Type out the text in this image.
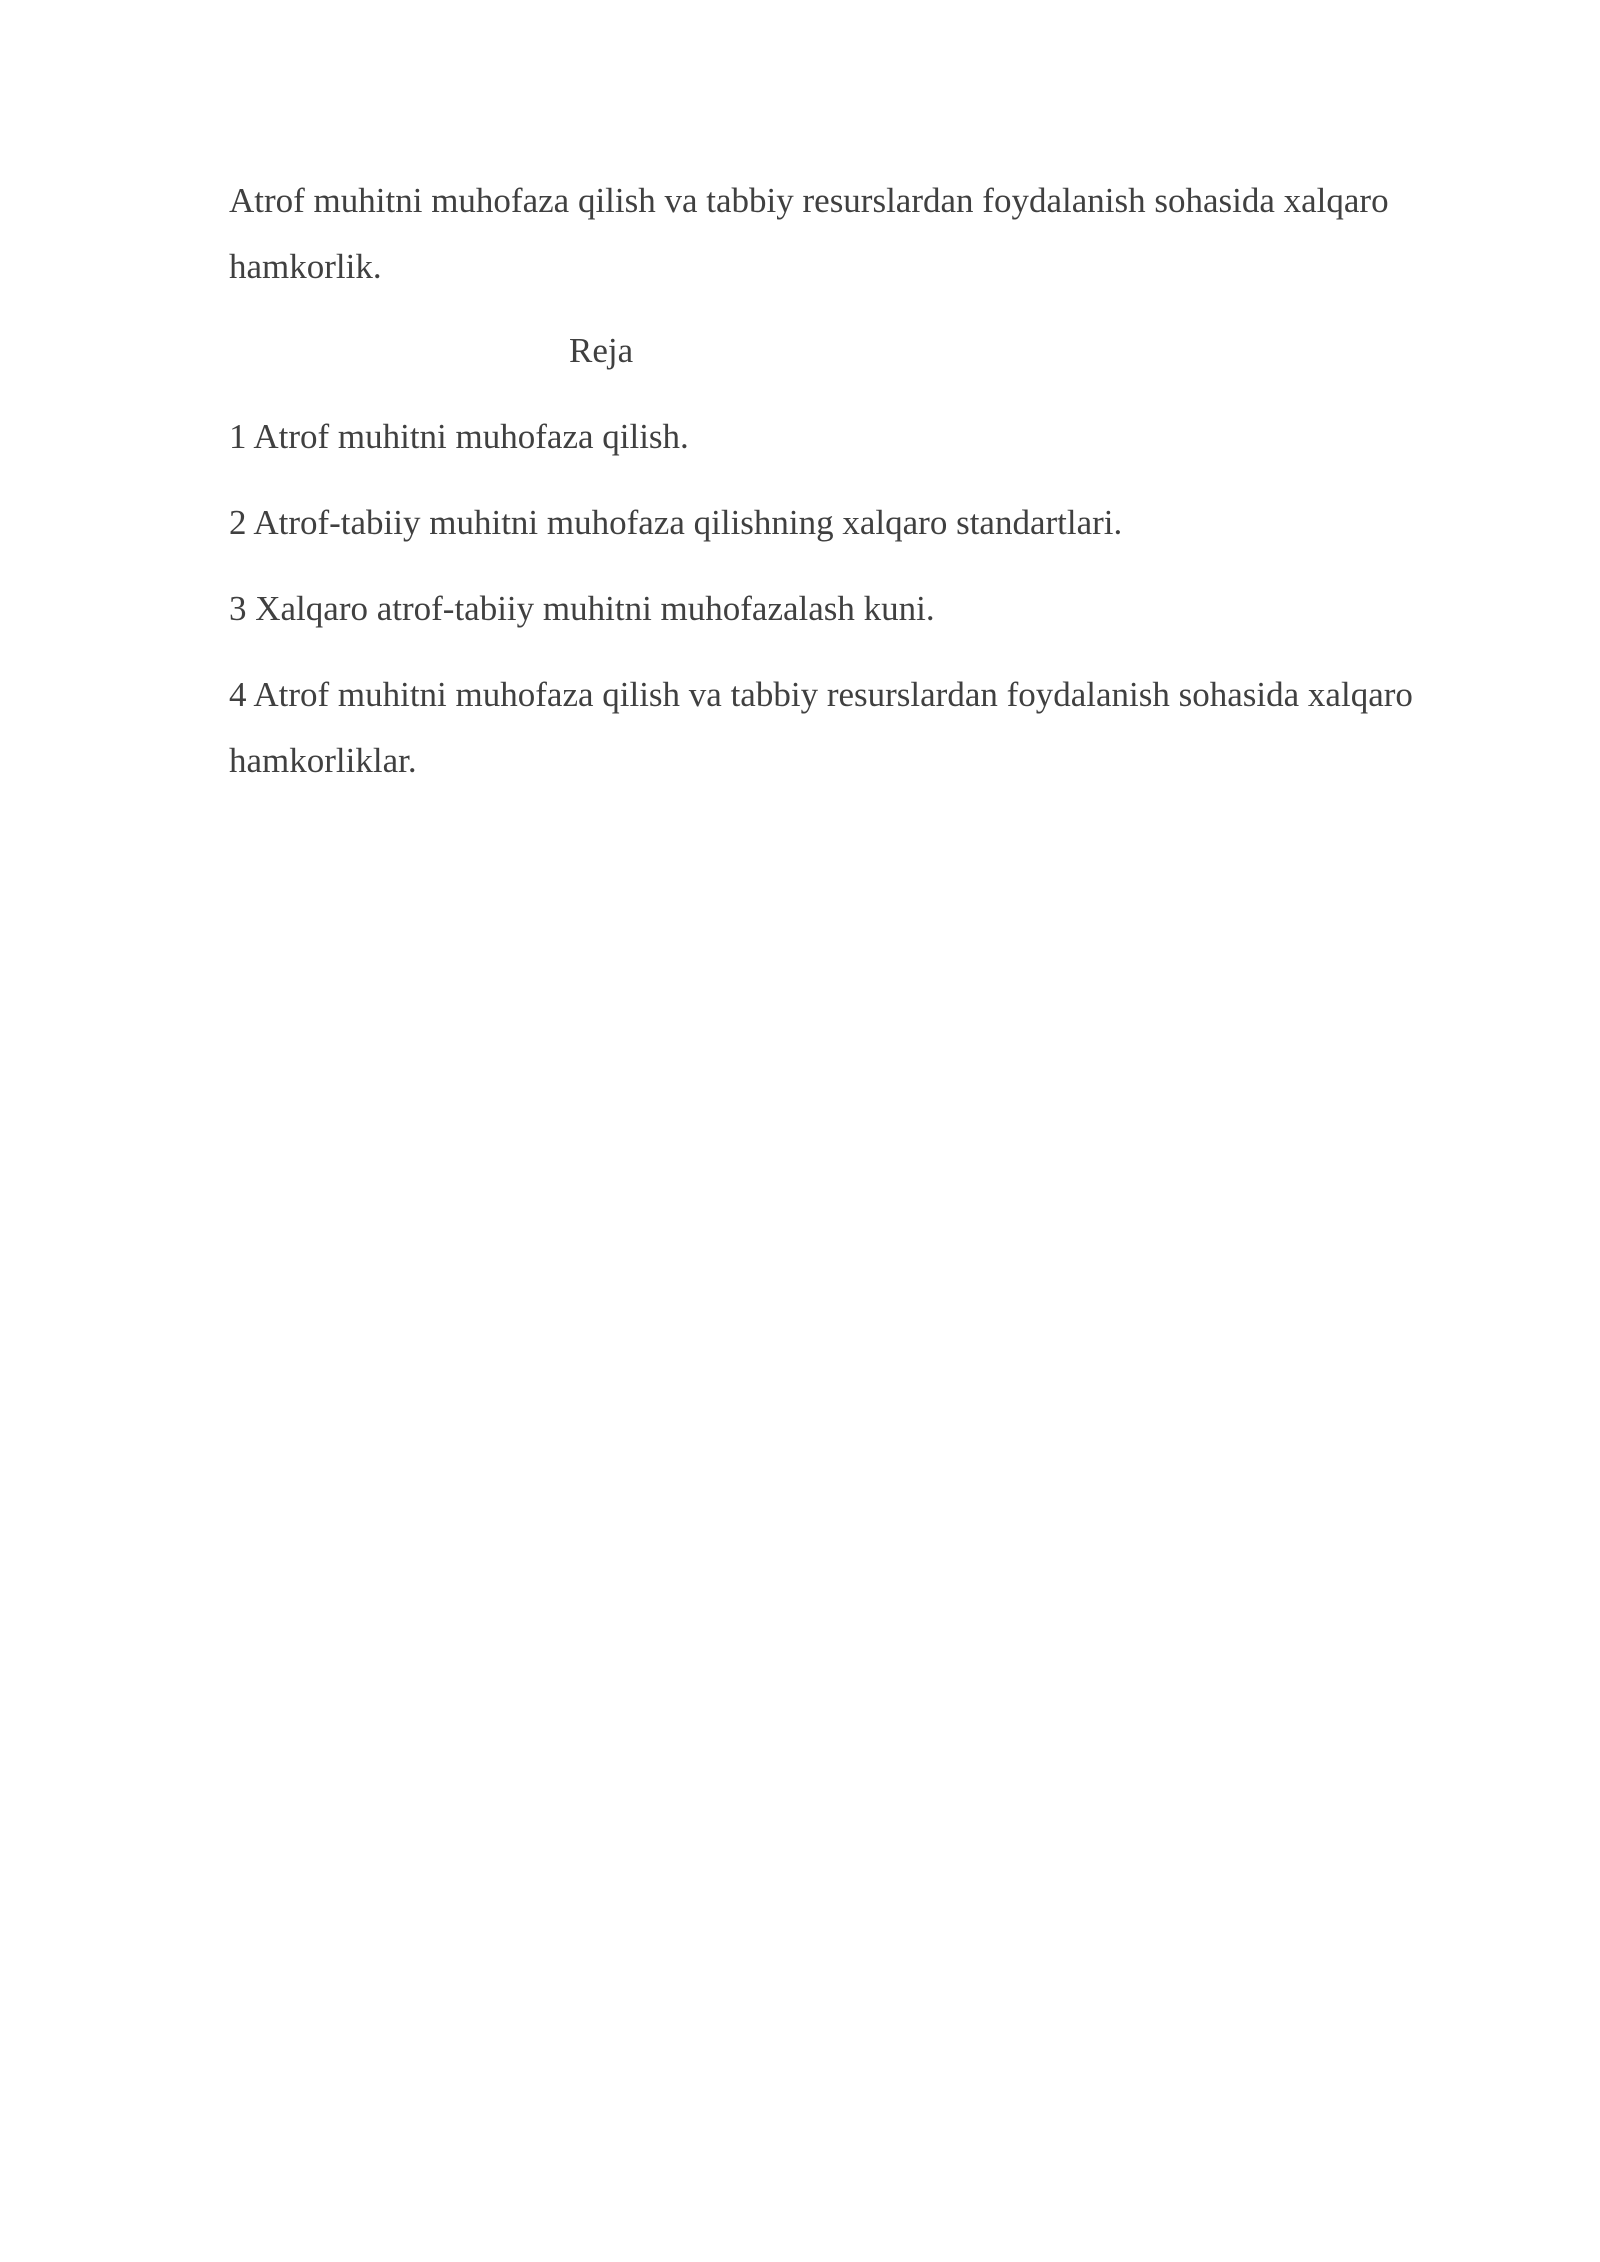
Atrof muhitni muhofaza qilish va tabbiy resurslardan foydalanish sohasida xalqaro hamkorlik.

Reja

1 Atrof muhitni muhofaza qilish.
2 Atrof-tabiiy muhitni muhofaza qilishning xalqaro standartlari.
3 Xalqaro atrof-tabiiy muhitni muhofazalash kuni.
4 Atrof muhitni muhofaza qilish va tabbiy resurslardan foydalanish sohasida xalqaro hamkorliklar.
